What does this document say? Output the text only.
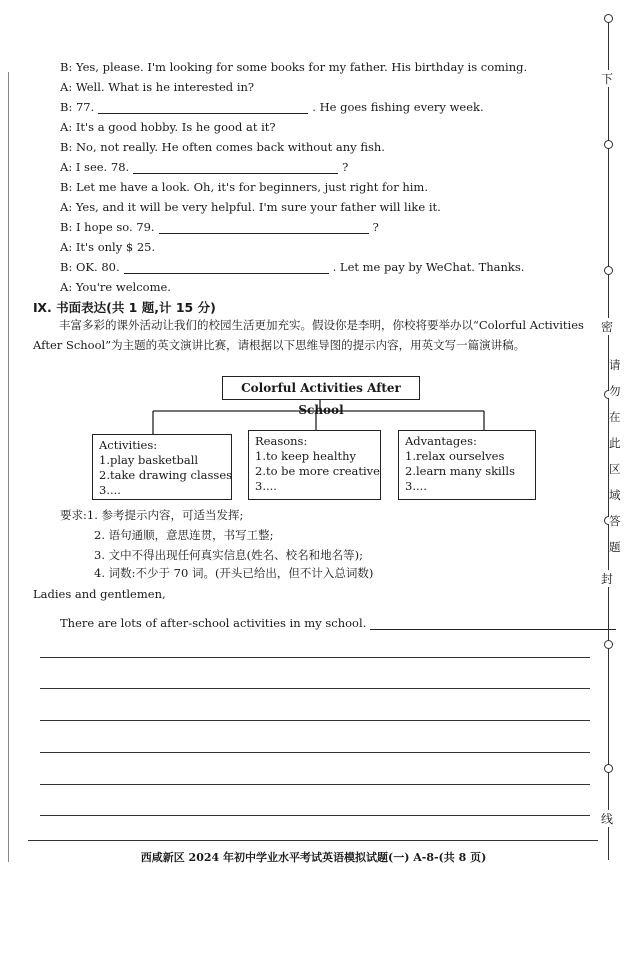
B: Yes, please. I'm looking for some books for my father. His birthday is coming.
A: Well. What is he interested in?
B: 77.	. He goes fishing every week.
A: It's a good hobby. Is he good at it?
B: No, not really. He often comes back without any fish.
A: I see. 78.	?
B: Let me have a look. Oh, it's for beginners, just right for him.
A: Yes, and it will be very helpful. I'm sure your father will like it.
B: I hope so. 79.	?
A: It's only $ 25.
B: OK. 80.	. Let me pay by WeChat. Thanks.
A: You're welcome.
Ⅸ. 书面表达(共 1 题,计 15 分)
丰富多彩的课外活动让我们的校园生活更加充实。假设你是李明，你校将要举办以“Colorful Activities After School”为主题的英文演讲比赛，请根据以下思维导图的提示内容，用英文写一篇演讲稿。
Colorful Activities After School
Activities:
1.play basketball
2.take drawing classes
3....
Reasons:
1.to keep healthy
2.to be more creative
3....
Advantages:
1.relax ourselves
2.learn many skills
3....
要求:1. 参考提示内容，可适当发挥;
2. 语句通顺，意思连贯，书写工整;
3. 文中不得出现任何真实信息(姓名、校名和地名等);
4. 词数:不少于 70 词。(开头已给出，但不计入总词数)
Ladies and gentlemen,
There are lots of after-school activities in my school.
西咸新区 2024 年初中学业水平考试英语模拟试题(一) A-8-(共 8 页)
下
密
封
线
请勿在此区域答题
